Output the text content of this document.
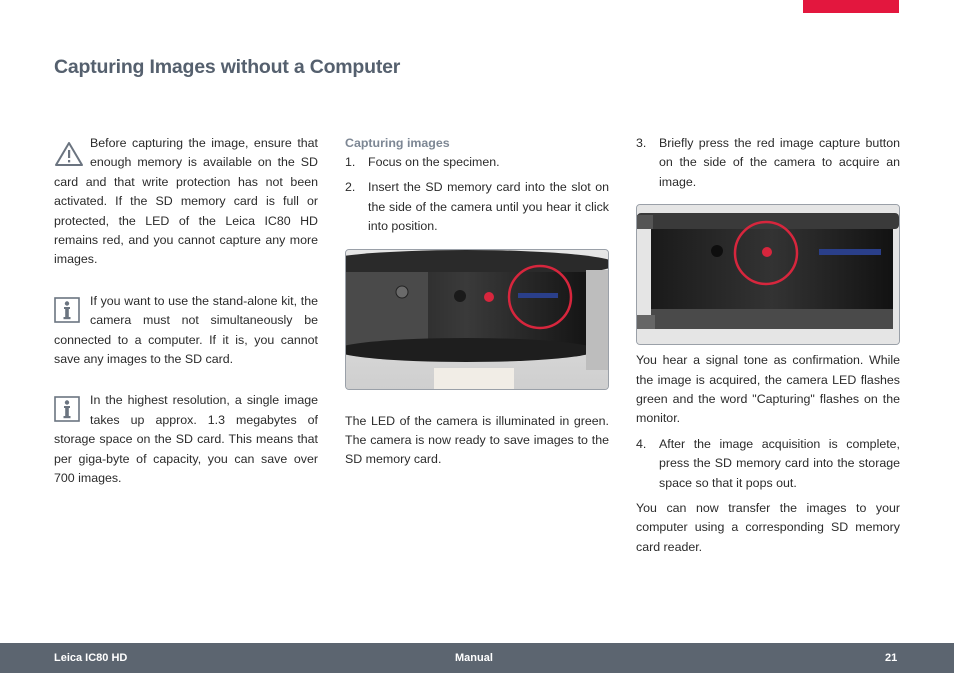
Capturing Images without a Computer
Before capturing the image, ensure that enough memory is available on the SD card and that write protection has not been activated. If the SD memory card is full or protected, the LED of the Leica IC80 HD remains red, and you cannot capture any more images.
If you want to use the stand-alone kit, the camera must not simultaneously be connected to a computer. If it is, you cannot save any images to the SD card.
In the highest resolution, a single image takes up approx. 1.3 megabytes of storage space on the SD card. This means that per giga-byte of capacity, you can save over 700 images.
Capturing images
1. Focus on the specimen.
2. Insert the SD memory card into the slot on the side of the camera until you hear it click into position.
The LED of the camera is illuminated in green. The camera is now ready to save images to the SD memory card.
3. Briefly press the red image capture button on the side of the camera to acquire an image.
You hear a signal tone as confirmation. While the image is acquired, the camera LED flashes green and the word "Capturing" flashes on the monitor.
4. After the image acquisition is complete, press the SD memory card into the storage space so that it pops out.
You can now transfer the images to your computer using a corresponding SD memory card reader.
Leica IC80 HD	Manual	21
